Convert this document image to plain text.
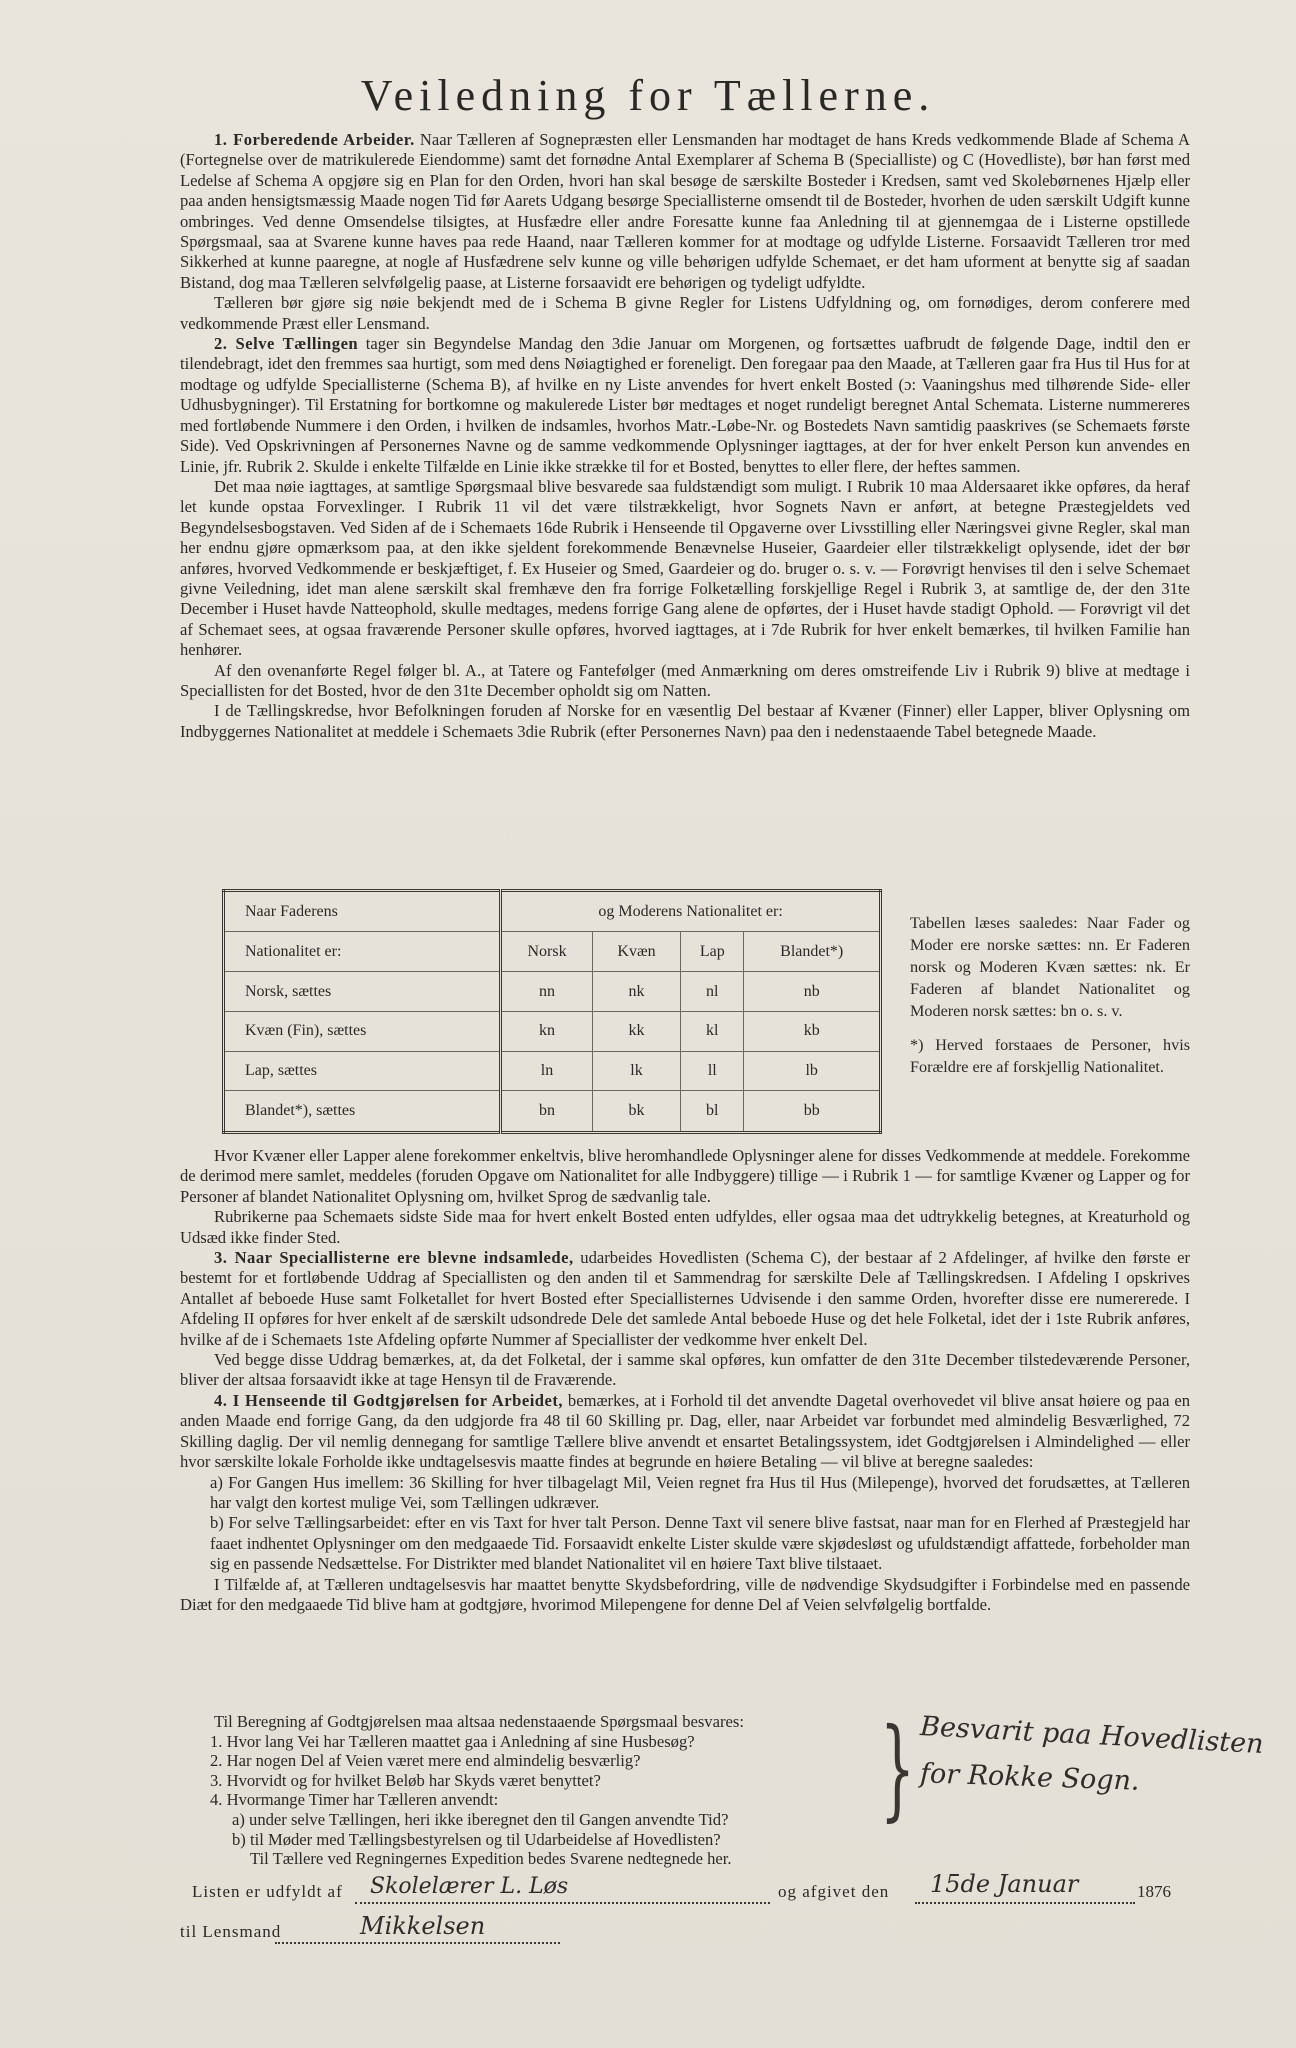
Veiledning for Tællerne.

1. Forberedende Arbeider. Naar Tælleren af Sognepræsten eller Lensmanden har modtaget de hans Kreds vedkommende Blade af Schema A (Fortegnelse over de matrikulerede Eiendomme) samt det fornødne Antal Exemplarer af Schema B (Specialliste) og C (Hovedliste), bør han først med Ledelse af Schema A opgjøre sig en Plan for den Orden, hvori han skal besøge de særskilte Bosteder i Kredsen, samt ved Skolebørnenes Hjælp eller paa anden hensigtsmæssig Maade nogen Tid før Aarets Udgang besørge Speciallisterne omsendt til de Bosteder, hvorhen de uden særskilt Udgift kunne ombringes. Ved denne Omsendelse tilsigtes, at Husfædre eller andre Foresatte kunne faa Anledning til at gjennemgaa de i Listerne opstillede Spørgsmaal, saa at Svarene kunne haves paa rede Haand, naar Tælleren kommer for at modtage og udfylde Listerne. Forsaavidt Tælleren tror med Sikkerhed at kunne paaregne, at nogle af Husfædrene selv kunne og ville behørigen udfylde Schemaet, er det ham uforment at benytte sig af saadan Bistand, dog maa Tælleren selvfølgelig paase, at Listerne forsaavidt ere behørigen og tydeligt udfyldte.

Tælleren bør gjøre sig nøie bekjendt med de i Schema B givne Regler for Listens Udfyldning og, om fornødiges, derom conferere med vedkommende Præst eller Lensmand.

2. Selve Tællingen tager sin Begyndelse Mandag den 3die Januar om Morgenen, og fortsættes uafbrudt de følgende Dage, indtil den er tilendebragt, idet den fremmes saa hurtigt, som med dens Nøiagtighed er foreneligt. Den foregaar paa den Maade, at Tælleren gaar fra Hus til Hus for at modtage og udfylde Speciallisterne (Schema B), af hvilke en ny Liste anvendes for hvert enkelt Bosted (ɔ: Vaaningshus med tilhørende Side- eller Udhusbygninger). Til Erstatning for bortkomne og makulerede Lister bør medtages et noget rundeligt beregnet Antal Schemata. Listerne nummereres med fortløbende Nummere i den Orden, i hvilken de indsamles, hvorhos Matr.-Løbe-Nr. og Bostedets Navn samtidig paaskrives (se Schemaets første Side). Ved Opskrivningen af Personernes Navne og de samme vedkommende Oplysninger iagttages, at der for hver enkelt Person kun anvendes en Linie, jfr. Rubrik 2. Skulde i enkelte Tilfælde en Linie ikke strække til for et Bosted, benyttes to eller flere, der heftes sammen.

Det maa nøie iagttages, at samtlige Spørgsmaal blive besvarede saa fuldstændigt som muligt. I Rubrik 10 maa Aldersaaret ikke opføres, da heraf let kunde opstaa Forvexlinger. I Rubrik 11 vil det være tilstrækkeligt, hvor Sognets Navn er anført, at betegne Præstegjeldets ved Begyndelsesbogstaven. Ved Siden af de i Schemaets 16de Rubrik i Henseende til Opgaverne over Livsstilling eller Næringsvei givne Regler, skal man her endnu gjøre opmærksom paa, at den ikke sjeldent forekommende Benævnelse Huseier, Gaardeier eller tilstrækkeligt oplysende, idet der bør anføres, hvorved Vedkommende er beskjæftiget, f. Ex Huseier og Smed, Gaardeier og do. bruger o. s. v. — Forøvrigt henvises til den i selve Schemaet givne Veiledning, idet man alene særskilt skal fremhæve den fra forrige Folketælling forskjellige Regel i Rubrik 3, at samtlige de, der den 31te December i Huset havde Natteophold, skulle medtages, medens forrige Gang alene de opførtes, der i Huset havde stadigt Ophold. — Forøvrigt vil det af Schemaet sees, at ogsaa fraværende Personer skulle opføres, hvorved iagttages, at i 7de Rubrik for hver enkelt bemærkes, til hvilken Familie han henhører.

Af den ovenanførte Regel følger bl. A., at Tatere og Fantefølger (med Anmærkning om deres omstreifende Liv i Rubrik 9) blive at medtage i Speciallisten for det Bosted, hvor de den 31te December opholdt sig om Natten.

I de Tællingskredse, hvor Befolkningen foruden af Norske for en væsentlig Del bestaar af Kvæner (Finner) eller Lapper, bliver Oplysning om Indbyggernes Nationalitet at meddele i Schemaets 3die Rubrik (efter Personernes Navn) paa den i nedenstaaende Tabel betegnede Maade.

Naar Faderens	og Moderens Nationalitet er:			
Nationalitet er:	Norsk	Kvæn	Lap	Blandet*)
Norsk, sættes	nn	nk	nl	nb
Kvæn (Fin), sættes	kn	kk	kl	kb
Lap, sættes	ln	lk	ll	lb
Blandet*), sættes	bn	bk	bl	bb

Tabellen læses saaledes: Naar Fader og Moder ere norske sættes: nn. Er Faderen norsk og Moderen Kvæn sættes: nk. Er Faderen af blandet Nationalitet og Moderen norsk sættes: bn o. s. v.

*) Herved forstaaes de Personer, hvis Forældre ere af forskjellig Nationalitet.

Hvor Kvæner eller Lapper alene forekommer enkeltvis, blive heromhandlede Oplysninger alene for disses Vedkommende at meddele. Forekomme de derimod mere samlet, meddeles (foruden Opgave om Nationalitet for alle Indbyggere) tillige — i Rubrik 1 — for samtlige Kvæner og Lapper og for Personer af blandet Nationalitet Oplysning om, hvilket Sprog de sædvanlig tale.

Rubrikerne paa Schemaets sidste Side maa for hvert enkelt Bosted enten udfyldes, eller ogsaa maa det udtrykkelig betegnes, at Kreaturhold og Udsæd ikke finder Sted.

3. Naar Speciallisterne ere blevne indsamlede, udarbeides Hovedlisten (Schema C), der bestaar af 2 Afdelinger, af hvilke den første er bestemt for et fortløbende Uddrag af Speciallisten og den anden til et Sammendrag for særskilte Dele af Tællingskredsen. I Afdeling I opskrives Antallet af beboede Huse samt Folketallet for hvert Bosted efter Speciallisternes Udvisende i den samme Orden, hvorefter disse ere numererede. I Afdeling II opføres for hver enkelt af de særskilt udsondrede Dele det samlede Antal beboede Huse og det hele Folketal, idet der i 1ste Rubrik anføres, hvilke af de i Schemaets 1ste Afdeling opførte Nummer af Speciallister der vedkomme hver enkelt Del.

Ved begge disse Uddrag bemærkes, at, da det Folketal, der i samme skal opføres, kun omfatter de den 31te December tilstedeværende Personer, bliver der altsaa forsaavidt ikke at tage Hensyn til de Fraværende.

4. I Henseende til Godtgjørelsen for Arbeidet, bemærkes, at i Forhold til det anvendte Dagetal overhovedet vil blive ansat høiere og paa en anden Maade end forrige Gang, da den udgjorde fra 48 til 60 Skilling pr. Dag, eller, naar Arbeidet var forbundet med almindelig Besværlighed, 72 Skilling daglig. Der vil nemlig dennegang for samtlige Tællere blive anvendt et ensartet Betalingssystem, idet Godtgjørelsen i Almindelighed — eller hvor særskilte lokale Forholde ikke undtagelsesvis maatte findes at begrunde en høiere Betaling — vil blive at beregne saaledes:

a) For Gangen Hus imellem: 36 Skilling for hver tilbagelagt Mil, Veien regnet fra Hus til Hus (Milepenge), hvorved det forudsættes, at Tælleren har valgt den kortest mulige Vei, som Tællingen udkræver.

b) For selve Tællingsarbeidet: efter en vis Taxt for hver talt Person. Denne Taxt vil senere blive fastsat, naar man for en Flerhed af Præstegjeld har faaet indhentet Oplysninger om den medgaaede Tid. Forsaavidt enkelte Lister skulde være skjødesløst og ufuldstændigt affattede, forbeholder man sig en passende Nedsættelse. For Distrikter med blandet Nationalitet vil en høiere Taxt blive tilstaaet.

I Tilfælde af, at Tælleren undtagelsesvis har maattet benytte Skydsbefordring, ville de nødvendige Skydsudgifter i Forbindelse med en passende Diæt for den medgaaede Tid blive ham at godtgjøre, hvorimod Milepengene for denne Del af Veien selvfølgelig bortfalde.

Til Beregning af Godtgjørelsen maa altsaa nedenstaaende Spørgsmaal besvares:

1. Hvor lang Vei har Tælleren maattet gaa i Anledning af sine Husbesøg?

2. Har nogen Del af Veien været mere end almindelig besværlig?

3. Hvorvidt og for hvilket Beløb har Skyds været benyttet?

4. Hvormange Timer har Tælleren anvendt:

a) under selve Tællingen, heri ikke iberegnet den til Gangen anvendte Tid?

b) til Møder med Tællingsbestyrelsen og til Udarbeidelse af Hovedlisten?

Til Tællere ved Regningernes Expedition bedes Svarene nedtegnede her.

} Besvarit paa Hovedlisten
for Rokke Sogn.
Listen er udfyldt af Skolelærer L. Løs	og afgivet den 15de Januar	1876
til Lensmand	Mikkelsen
